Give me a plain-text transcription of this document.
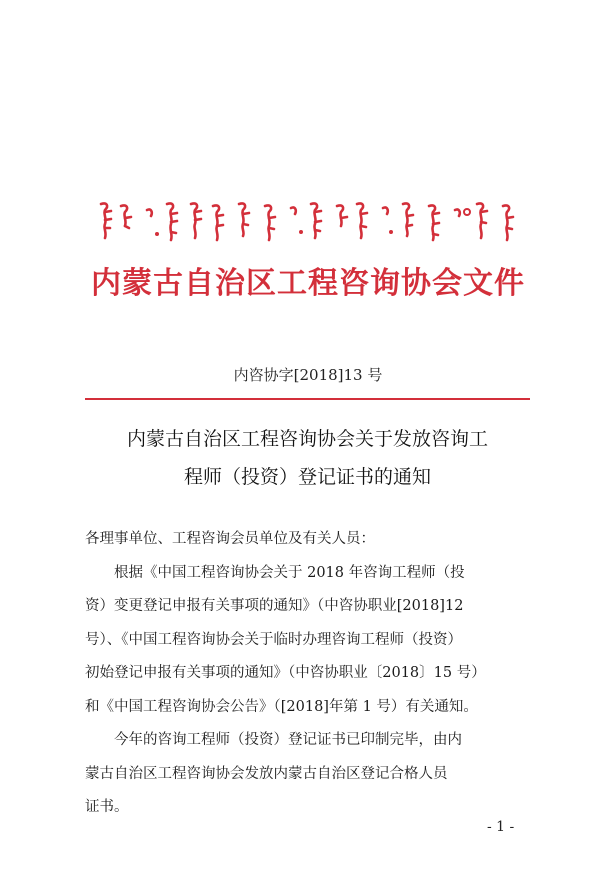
内蒙古自治区工程咨询协会文件
内咨协字[2018]13 号
内蒙古自治区工程咨询协会关于发放咨询工
程师（投资）登记证书的通知
各理事单位、工程咨询会员单位及有关人员：
根据《中国工程咨询协会关于 2018 年咨询工程师（投
资）变更登记申报有关事项的通知》（中咨协职业[2018]12
号）、《中国工程咨询协会关于临时办理咨询工程师（投资）
初始登记申报有关事项的通知》（中咨协职业〔2018〕15 号）
和《中国工程咨询协会公告》（[2018]年第 1 号）有关通知。
今年的咨询工程师（投资）登记证书已印制完毕，由内
蒙古自治区工程咨询协会发放内蒙古自治区登记合格人员
证书。
- 1 -
